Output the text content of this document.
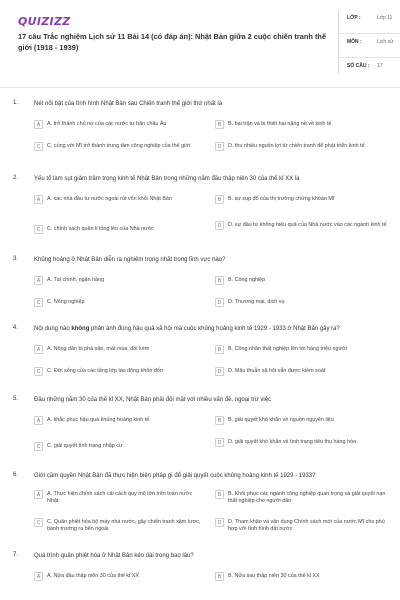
QUIZIZZ
17 câu Trắc nghiệm Lịch sử 11 Bài 14 (có đáp án): Nhật Bản giữa 2 cuộc chiến tranh thế giới (1918 - 1939)
LỚP :	Lớp 11
MÔN :	Lịch sử
SỐ CÂU :	17
1.	Nét nổi bật của tình hình Nhật Bản sau Chiến tranh thế giới thứ nhất là
A	A. trở thành chủ nợ của các nước tư bản châu Âu	B	B. bại trận và bị thiệt hại nặng nề về kinh tế
C	C. cùng với Mĩ trở thành trung tâm công nghiệp của thế giới	D	D. thu nhiều nguồn lợi từ chiến tranh để phát triển kinh tế
2.	Yếu tố làm sụt giảm trầm trọng kinh tế Nhật Bản trong những năm đầu thập niên 30 của thế kỉ XX là
A	A. các nhà đầu tư nước ngoài rút vốn khỏi Nhật Bản	B	B. sự sụp đổ của thị trường chứng khoán Mĩ
C	C. chính sách quản lí lỏng lẻo của Nhà nước	D	D. sự đầu tư không hiệu quả của Nhà nước vào các ngành kinh tế
3.	Khủng hoảng ở Nhật Bản diễn ra nghiêm trọng nhất trong lĩnh vực nào?
A	A. Tài chính, ngân hàng	B	B. Công nghiệp
C	C. Nông nghiệp	D	D. Thương mại, dịch vụ
4.	Nội dung nào không phản ánh đúng hậu quả xã hội mà cuộc khủng hoảng kinh tế 1929 - 1933 ở Nhật Bản gây ra?
A	A. Nông dân bị phá sản, mất mùa, đói kém	B	B. Công nhân thất nghiệp lên tới hàng triệu người
C	C. Đời sống của các tầng lớp lao động khốn đốn	D	D. Mâu thuẫn xã hội vẫn được kiềm soát
5.	Đầu những năm 30 của thế kỉ XX, Nhật Bản phải đối mặt với nhiều vấn đề, ngoại trừ việc
A	A. khắc phục hậu quả khủng hoảng kinh tế	B	B. giải quyết khó khăn về nguồn nguyên liệu
C	C. giải quyết tình trạng nhập cư	D	D. giải quyết khó khăn về tình trạng tiêu thụ hàng hóa
6.	Giới cầm quyền Nhật Bản đã thực hiện biện pháp gì để giải quyết cuộc khủng hoảng kinh tế 1929 - 1933?
A	A. Thực hiện chính sách cải cách quy mô lớn trên toàn nước Nhật
B	B. Khôi phục các ngành công nghiệp quan trọng và giải quyết nạn thất nghiệp cho người dân
C	C. Quân phiệt hóa bộ máy nhà nước, gây chiến tranh xâm lược, bành trướng ra bên ngoài
D	D. Tham khảo và vận dụng Chính sách mới của nước Mĩ cho phù hợp với tình hình đất nước
7.	Quá trình quân phiệt hóa ở Nhật Bản kéo dài trong bao lâu?
A	A. Nửa đầu thập niên 30 của thế kỉ XX	B	B. Nửa sau thập niên 30 của thế kỉ XX
